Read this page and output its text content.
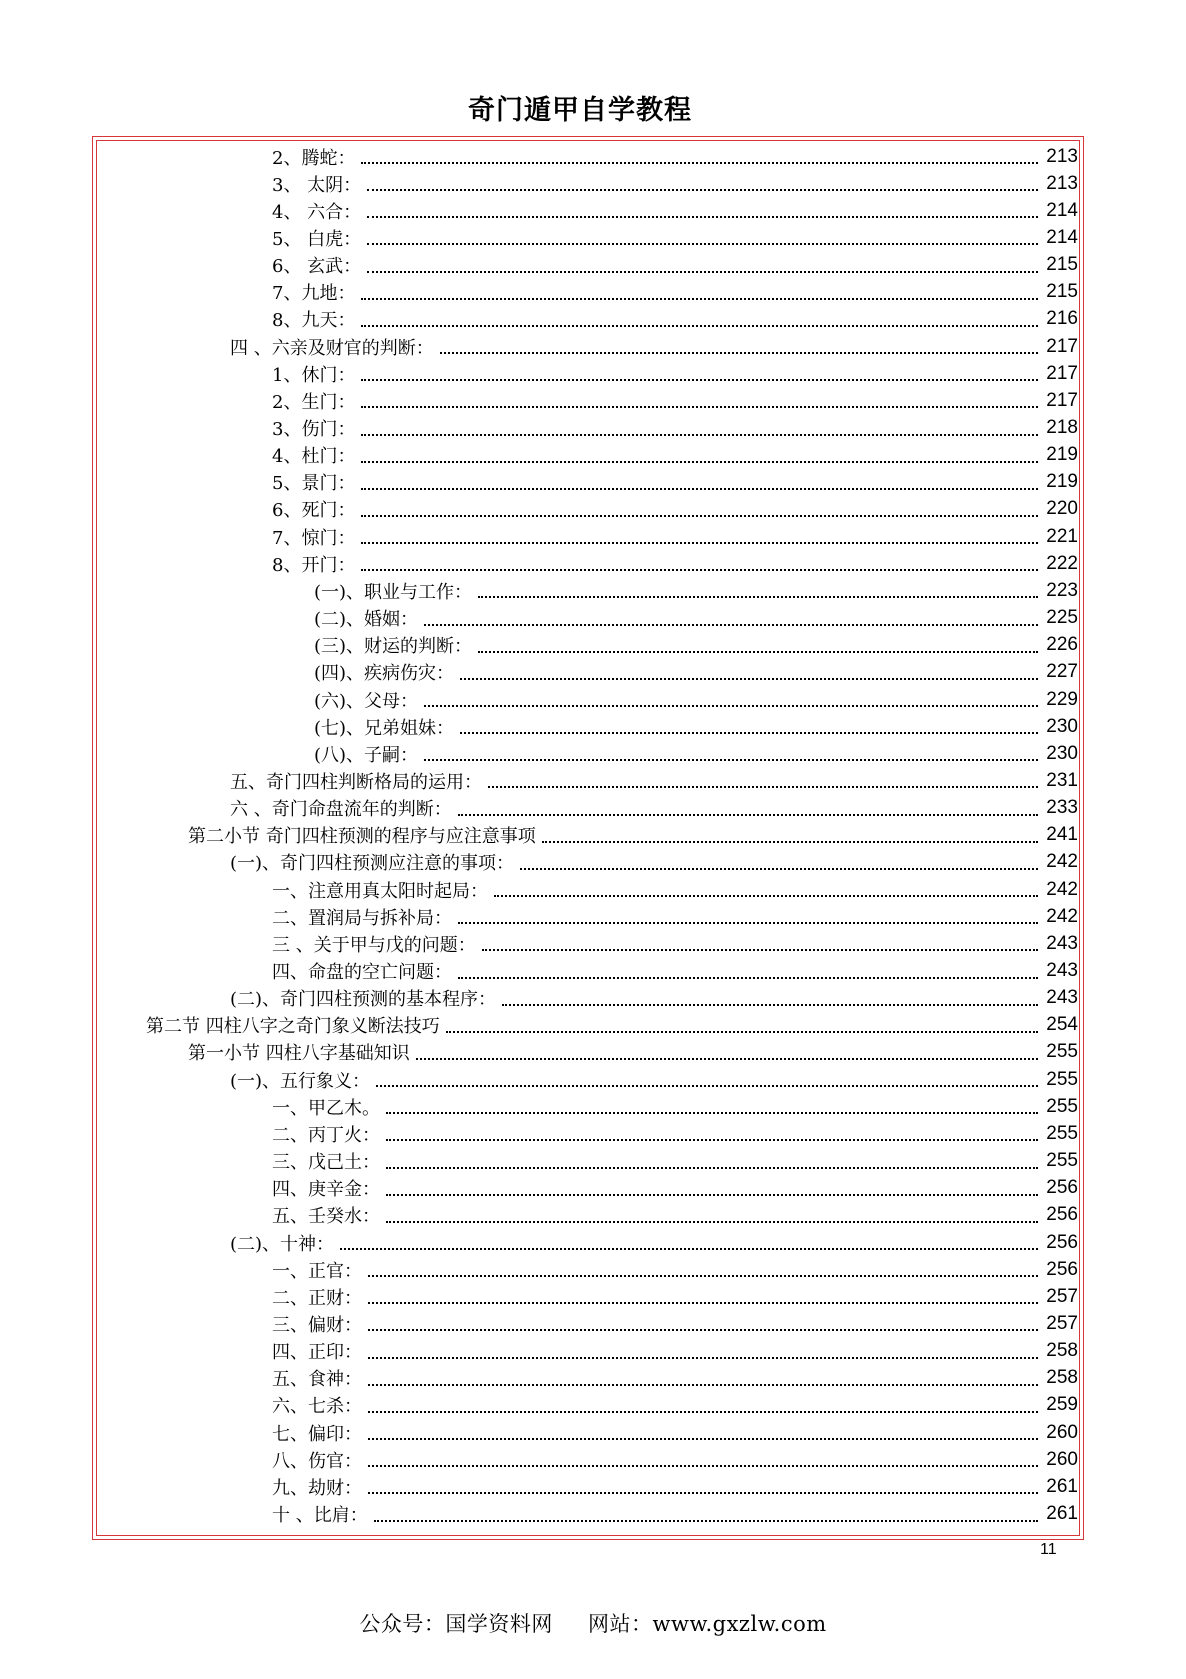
奇门遁甲自学教程
2、腾蛇：	213
3、 太阴：	213
4、 六合：	214
5、 白虎：	214
6、 玄武：	215
7、九地：	215
8、九天：	216
四 、六亲及财官的判断：	217
1、休门：	217
2、生门：	217
3、伤门：	218
4、杜门：	219
5、景门：	219
6、死门：	220
7、惊门：	221
8、开门：	222
(一)、职业与工作：	223
(二)、婚姻：	225
(三)、财运的判断：	226
(四)、疾病伤灾：	227
(六)、父母：	229
(七)、兄弟姐妹：	230
(八)、子嗣：	230
五、奇门四柱判断格局的运用：	231
六 、奇门命盘流年的判断：	233
第二小节 奇门四柱预测的程序与应注意事项	241
(一)、奇门四柱预测应注意的事项：	242
一、注意用真太阳时起局：	242
二、置润局与拆补局：	242
三 、关于甲与戊的问题：	243
四、命盘的空亡问题：	243
(二)、奇门四柱预测的基本程序：	243
第二节 四柱八字之奇门象义断法技巧	254
第一小节 四柱八字基础知识	255
(一)、五行象义：	255
一、甲乙木。	255
二、丙丁火：	255
三、戊己土：	255
四、庚辛金：	256
五、壬癸水：	256
(二)、十神：	256
一、正官：	256
二、正财：	257
三、偏财：	257
四、正印：	258
五、食神：	258
六、七杀：	259
七、偏印：	260
八、伤官：	260
九、劫财：	261
十 、比肩：	261
11
公众号：国学资料网 网站：www.gxzlw.com
